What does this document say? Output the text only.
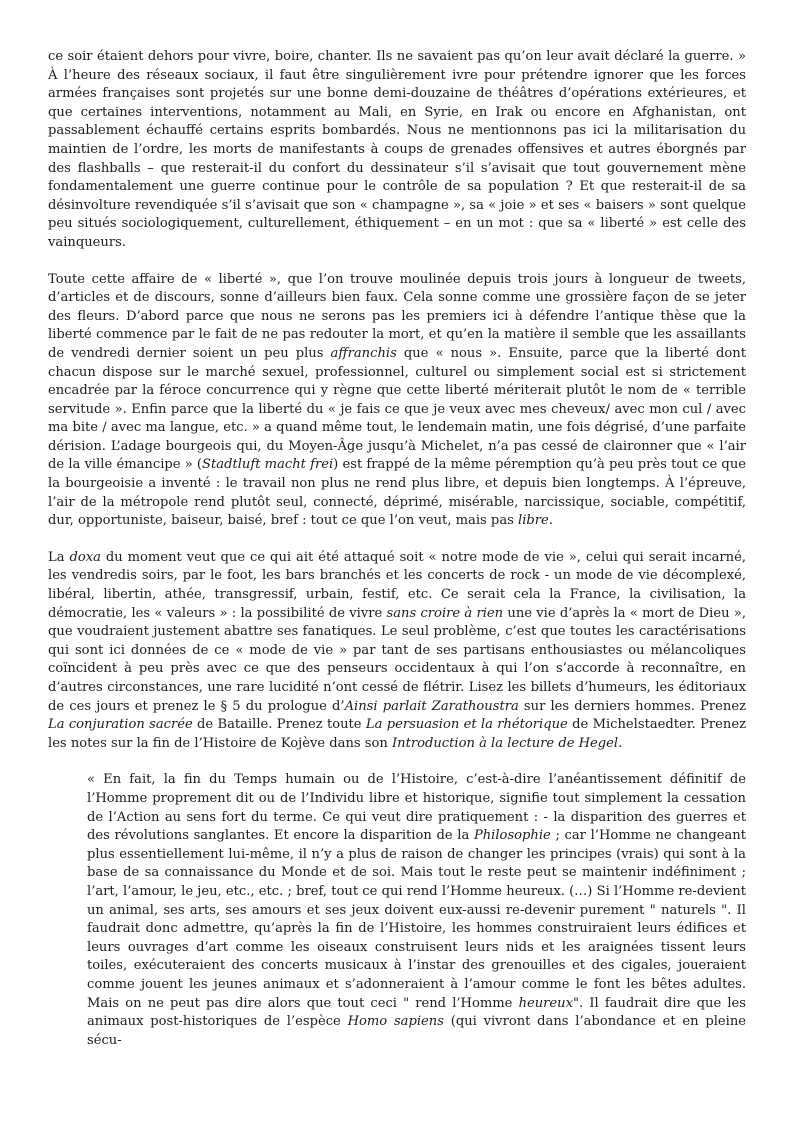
ce soir étaient dehors pour vivre, boire, chanter. Ils ne savaient pas qu’on leur avait déclaré la guerre. » À l’heure des réseaux sociaux, il faut être singulièrement ivre pour prétendre ignorer que les forces armées françaises sont projetés sur une bonne demi-douzaine de théâtres d’opérations extérieures, et que certaines interventions, notamment au Mali, en Syrie, en Irak ou encore en Afghanistan, ont passablement échauffé certains esprits bombardés. Nous ne mentionnons pas ici la militarisation du maintien de l’ordre, les morts de manifestants à coups de grenades offensives et autres éborgnés par des flashballs – que resterait-il du confort du dessinateur s’il s’avisait que tout gouvernement mène fondamentalement une guerre continue pour le contrôle de sa population ? Et que resterait-il de sa désinvolture revendiquée s’il s’avisait que son « champagne », sa « joie » et ses « baisers » sont quelque peu situés sociologiquement, culturellement, éthiquement – en un mot : que sa « liberté » est celle des vainqueurs.

Toute cette affaire de « liberté », que l’on trouve moulinée depuis trois jours à longueur de tweets, d’articles et de discours, sonne d’ailleurs bien faux. Cela sonne comme une grossière façon de se jeter des fleurs. D’abord parce que nous ne serons pas les premiers ici à défendre l’antique thèse que la liberté commence par le fait de ne pas redouter la mort, et qu’en la matière il semble que les assaillants de vendredi dernier soient un peu plus affranchis que « nous ». Ensuite, parce que la liberté dont chacun dispose sur le marché sexuel, professionnel, culturel ou simplement social est si strictement encadrée par la féroce concurrence qui y règne que cette liberté mériterait plutôt le nom de « terrible servitude ». Enfin parce que la liberté du « je fais ce que je veux avec mes cheveux/ avec mon cul / avec ma bite / avec ma langue, etc. » a quand même tout, le lendemain matin, une fois dégrisé, d’une parfaite dérision. L’adage bourgeois qui, du Moyen-Âge jusqu’à Michelet, n’a pas cessé de claironner que « l’air de la ville émancipe » (Stadtluft macht frei) est frappé de la même péremption qu’à peu près tout ce que la bourgeoisie a inventé : le travail non plus ne rend plus libre, et depuis bien longtemps. À l’épreuve, l’air de la métropole rend plutôt seul, connecté, déprimé, misérable, narcissique, sociable, compétitif, dur, opportuniste, baiseur, baisé, bref : tout ce que l’on veut, mais pas libre.

La doxa du moment veut que ce qui ait été attaqué soit « notre mode de vie », celui qui serait incarné, les vendredis soirs, par le foot, les bars branchés et les concerts de rock - un mode de vie décomplexé, libéral, libertin, athée, transgressif, urbain, festif, etc. Ce serait cela la France, la civilisation, la démocratie, les « valeurs » : la possibilité de vivre sans croire à rien une vie d’après la « mort de Dieu », que voudraient justement abattre ses fanatiques. Le seul problème, c’est que toutes les caractérisations qui sont ici données de ce « mode de vie » par tant de ses partisans enthousiastes ou mélancoliques coïncident à peu près avec ce que des penseurs occidentaux à qui l’on s’accorde à reconnaître, en d’autres circonstances, une rare lucidité n’ont cessé de flétrir. Lisez les billets d’humeurs, les éditoriaux de ces jours et prenez le § 5 du prologue d’Ainsi parlait Zarathoustra sur les derniers hommes. Prenez La conjuration sacrée de Bataille. Prenez toute La persuasion et la rhétorique de Michelstaedter. Prenez les notes sur la fin de l’Histoire de Kojève dans son Introduction à la lecture de Hegel.

« En fait, la fin du Temps humain ou de l’Histoire, c’est-à-dire l’anéantissement définitif de l’Homme proprement dit ou de l’Individu libre et historique, signifie tout simplement la cessation de l’Action au sens fort du terme. Ce qui veut dire pratiquement : - la disparition des guerres et des révolutions sanglantes. Et encore la disparition de la Philosophie ; car l’Homme ne changeant plus essentiellement lui-même, il n’y a plus de raison de changer les principes (vrais) qui sont à la base de sa connaissance du Monde et de soi. Mais tout le reste peut se maintenir indéfiniment ; l’art, l’amour, le jeu, etc., etc. ; bref, tout ce qui rend l’Homme heureux. (…) Si l’Homme re-devient un animal, ses arts, ses amours et ses jeux doivent eux-aussi re-devenir purement " naturels ". Il faudrait donc admettre, qu’après la fin de l’Histoire, les hommes construiraient leurs édifices et leurs ouvrages d’art comme les oiseaux construisent leurs nids et les araignées tissent leurs toiles, exécuteraient des concerts musicaux à l’instar des grenouilles et des cigales, joueraient comme jouent les jeunes animaux et s’adonneraient à l’amour comme le font les bêtes adultes. Mais on ne peut pas dire alors que tout ceci " rend l’Homme heureux". Il faudrait dire que les animaux post-historiques de l’espèce Homo sapiens (qui vivront dans l’abondance et en pleine sécu-
